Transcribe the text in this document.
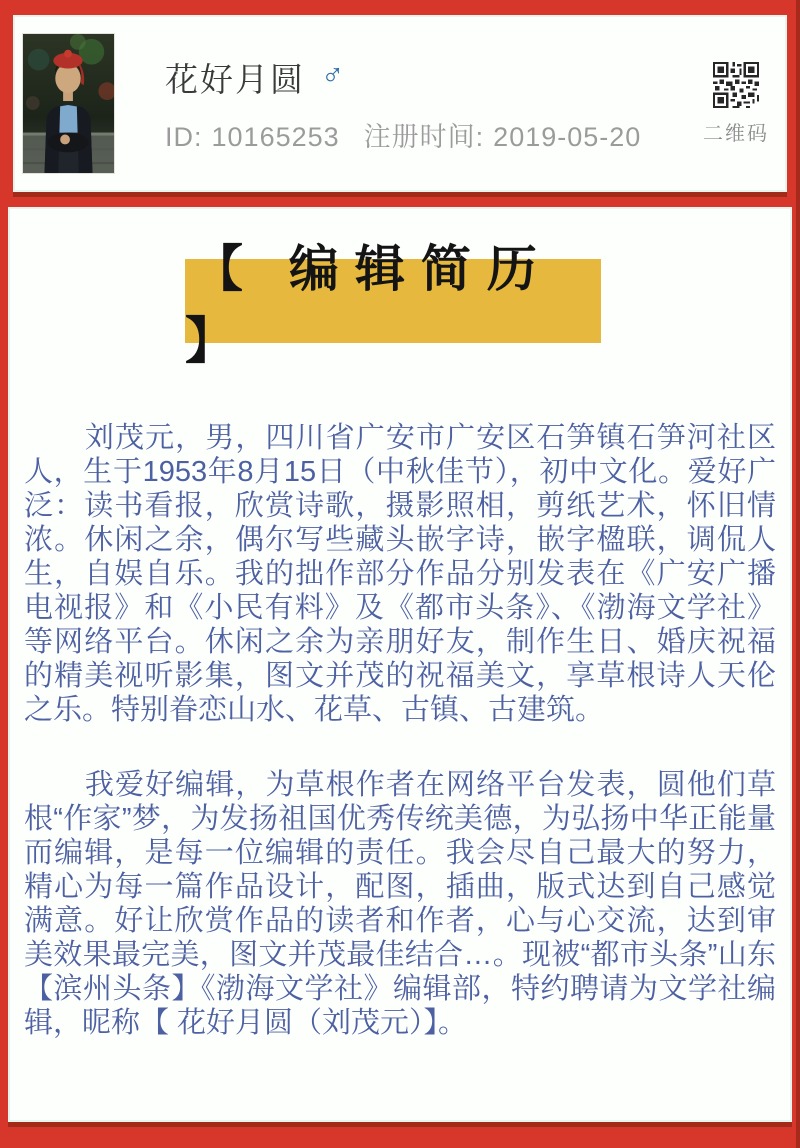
花好月圆 ♂
ID: 10165253 注册时间: 2019-05-20	二维码
【 编辑简历 】

刘茂元，男，四川省广安市广安区石笋镇石笋河社区人，生于1953年8月15日（中秋佳节），初中文化。爱好广泛：读书看报，欣赏诗歌，摄影照相，剪纸艺术，怀旧情浓。休闲之余，偶尔写些藏头嵌字诗，嵌字楹联，调侃人生，自娱自乐。我的拙作部分作品分别发表在《广安广播电视报》和《小民有料》及《都市头条》、《渤海文学社》等网络平台。休闲之余为亲朋好友，制作生日、婚庆祝福的精美视听影集，图文并茂的祝福美文，享草根诗人天伦之乐。特别眷恋山水、花草、古镇、古建筑。

我爱好编辑，为草根作者在网络平台发表，圆他们草根“作家”梦，为发扬祖国优秀传统美德，为弘扬中华正能量而编辑，是每一位编辑的责任。我会尽自己最大的努力，精心为每一篇作品设计，配图，插曲，版式达到自己感觉满意。好让欣赏作品的读者和作者，心与心交流，达到审美效果最完美，图文并茂最佳结合…。现被“都市头条”山东【滨州头条】《渤海文学社》编辑部，特约聘请为文学社编辑，昵称【 花好月圆（刘茂元）】。
